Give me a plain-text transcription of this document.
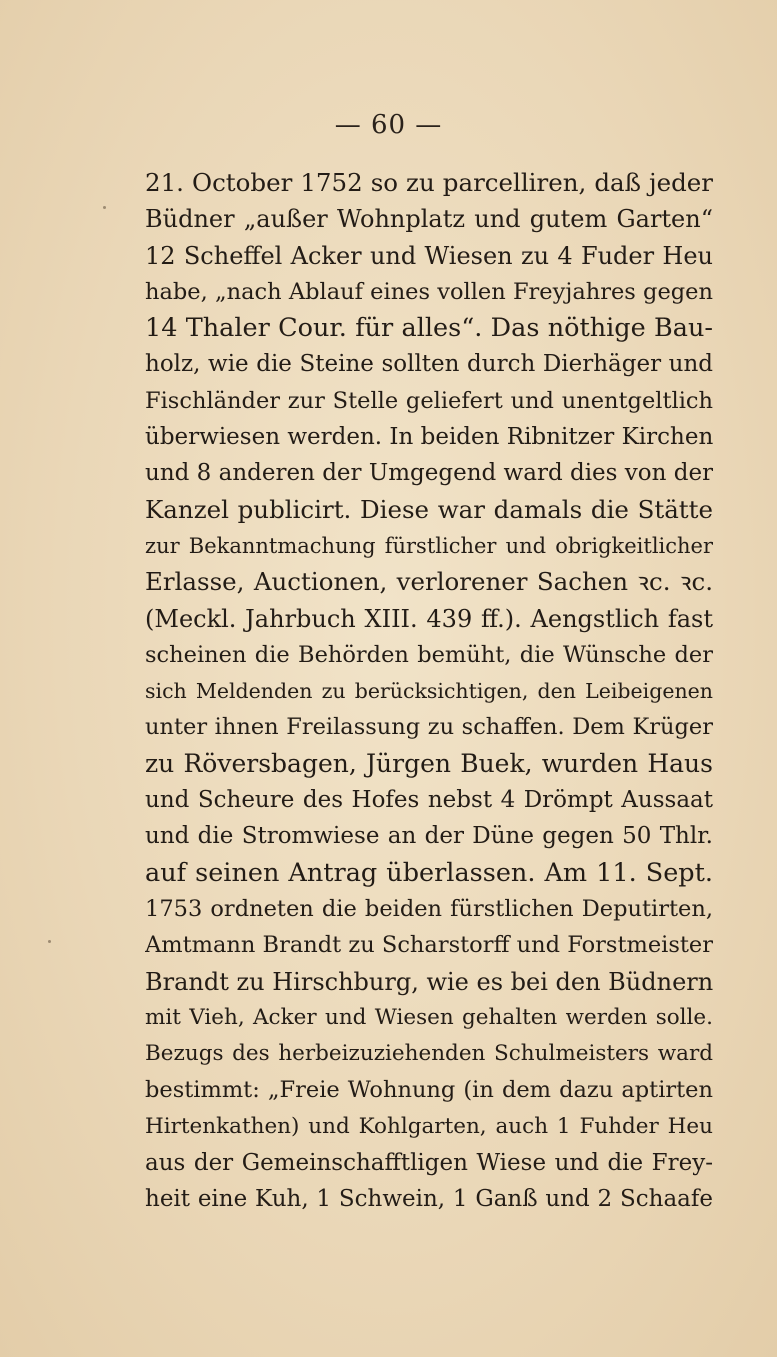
— 60 —
21. October 1752 so zu parcelliren, daß jeder
Büdner „außer Wohnplatz und gutem Garten“
12 Scheffel Acker und Wiesen zu 4 Fuder Heu
habe, „nach Ablauf eines vollen Freyjahres gegen
14 Thaler Cour. für alles“. Das nöthige Bau-
holz, wie die Steine sollten durch Dierhäger und
Fischländer zur Stelle geliefert und unentgeltlich
überwiesen werden. In beiden Ribnitzer Kirchen
und 8 anderen der Umgegend ward dies von der
Kanzel publicirt. Diese war damals die Stätte
zur Bekanntmachung fürstlicher und obrigkeitlicher
Erlasse, Auctionen, verlorener Sachen ꝛc. ꝛc.
(Meckl. Jahrbuch XIII. 439 ff.). Aengstlich fast
scheinen die Behörden bemüht, die Wünsche der
sich Meldenden zu berücksichtigen, den Leibeigenen
unter ihnen Freilassung zu schaffen. Dem Krüger
zu Röversbagen, Jürgen Buek, wurden Haus
und Scheure des Hofes nebst 4 Drömpt Aussaat
und die Stromwiese an der Düne gegen 50 Thlr.
auf seinen Antrag überlassen. Am 11. Sept.
1753 ordneten die beiden fürstlichen Deputirten,
Amtmann Brandt zu Scharstorff und Forstmeister
Brandt zu Hirschburg, wie es bei den Büdnern
mit Vieh, Acker und Wiesen gehalten werden solle.
Bezugs des herbeizuziehenden Schulmeisters ward
bestimmt: „Freie Wohnung (in dem dazu aptirten
Hirtenkathen) und Kohlgarten, auch 1 Fuhder Heu
aus der Gemeinschafftligen Wiese und die Frey-
heit eine Kuh, 1 Schwein, 1 Ganß und 2 Schaafe
